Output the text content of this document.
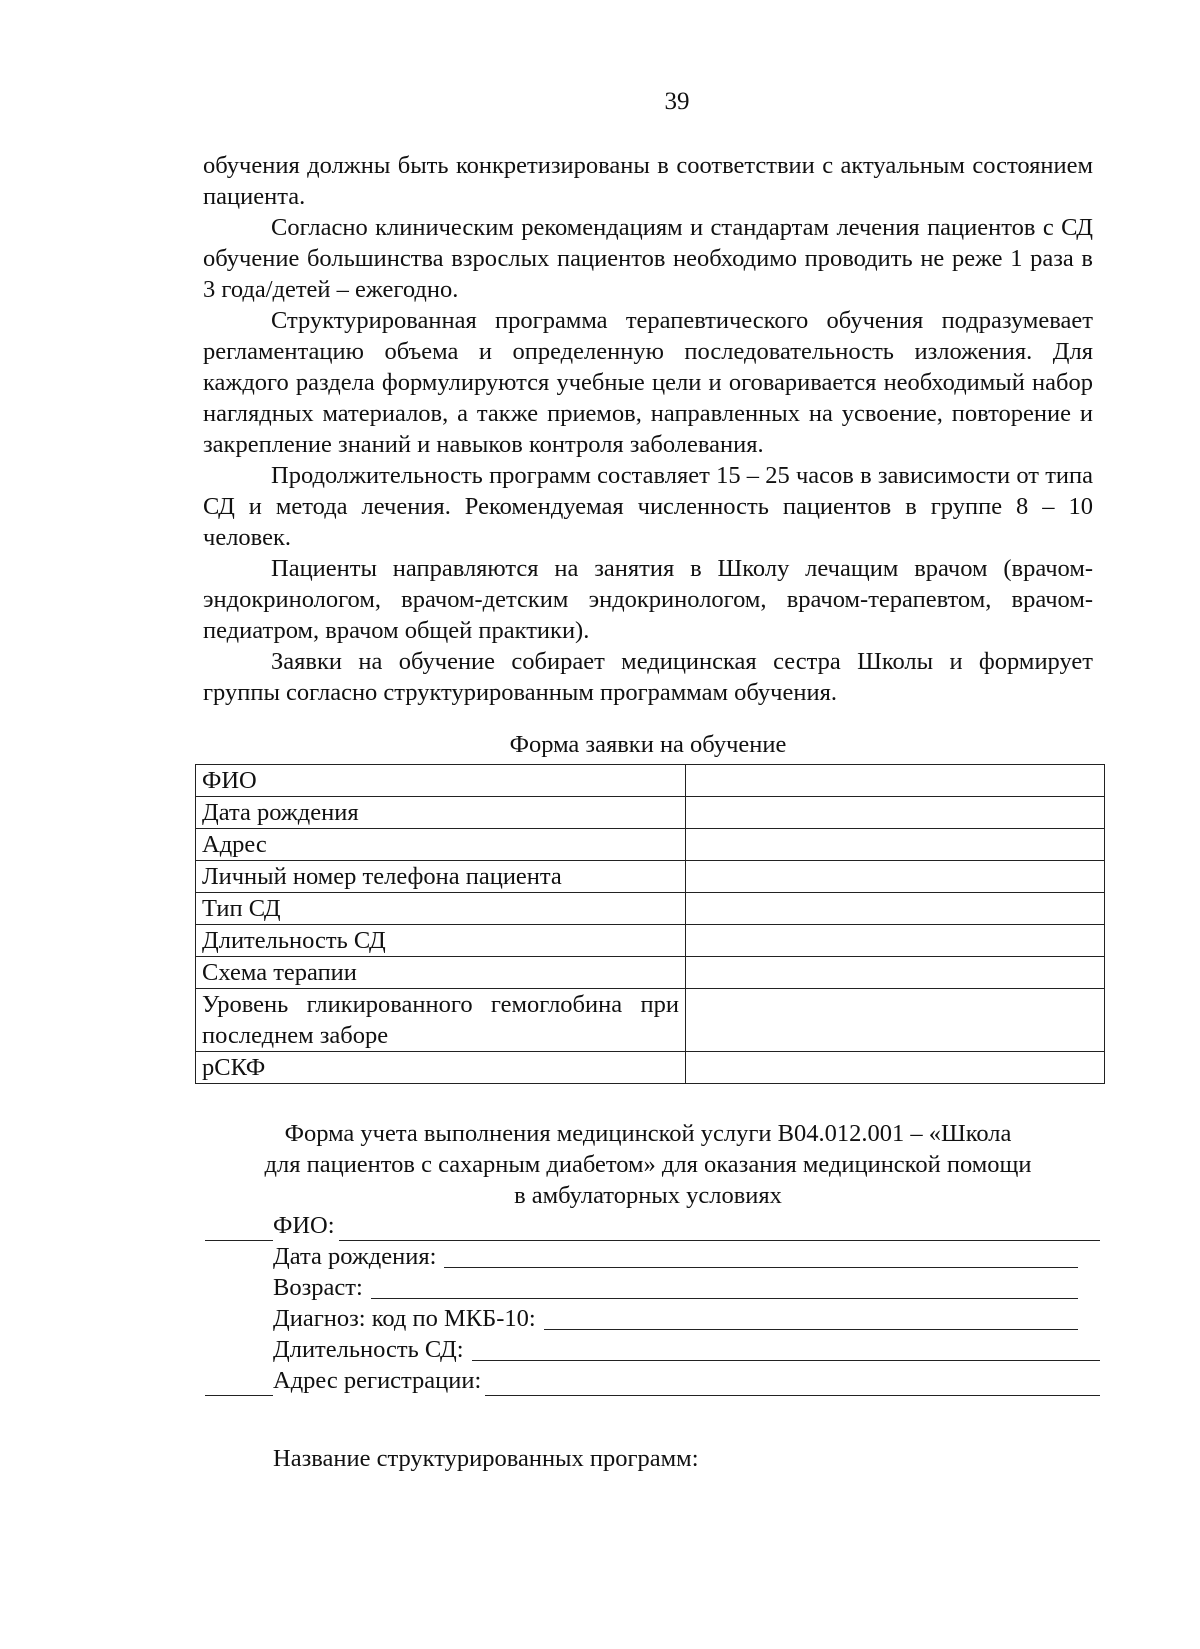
39

обучения должны быть конкретизированы в соответствии с актуальным состоянием пациента.

Согласно клиническим рекомендациям и стандартам лечения пациентов с СД обучение большинства взрослых пациентов необходимо проводить не реже 1 раза в 3 года/детей – ежегодно.

Структурированная программа терапевтического обучения подразумевает регламентацию объема и определенную последовательность изложения. Для каждого раздела формулируются учебные цели и оговаривается необходимый набор наглядных материалов, а также приемов, направленных на усвоение, повторение и закрепление знаний и навыков контроля заболевания.

Продолжительность программ составляет 15 – 25 часов в зависимости от типа СД и метода лечения. Рекомендуемая численность пациентов в группе 8 – 10 человек.

Пациенты направляются на занятия в Школу лечащим врачом (врачом-эндокринологом, врачом-детским эндокринологом, врачом-терапевтом, врачом-педиатром, врачом общей практики).

Заявки на обучение собирает медицинская сестра Школы и формирует группы согласно структурированным программам обучения.

Форма заявки на обучение
ФИО	
Дата рождения	
Адрес	
Личный номер телефона пациента	
Тип СД	
Длительность СД	
Схема терапии	
Уровень гликированного гемоглобина при последнем заборе	
рСКФ	
Форма учета выполнения медицинской услуги B04.012.001 – «Школа
для пациентов с сахарным диабетом» для оказания медицинской помощи
в амбулаторных условиях
ФИО:
Дата рождения:
Возраст:
Диагноз: код по МКБ-10:
Длительность СД:
Адрес регистрации:
Название структурированных программ:
